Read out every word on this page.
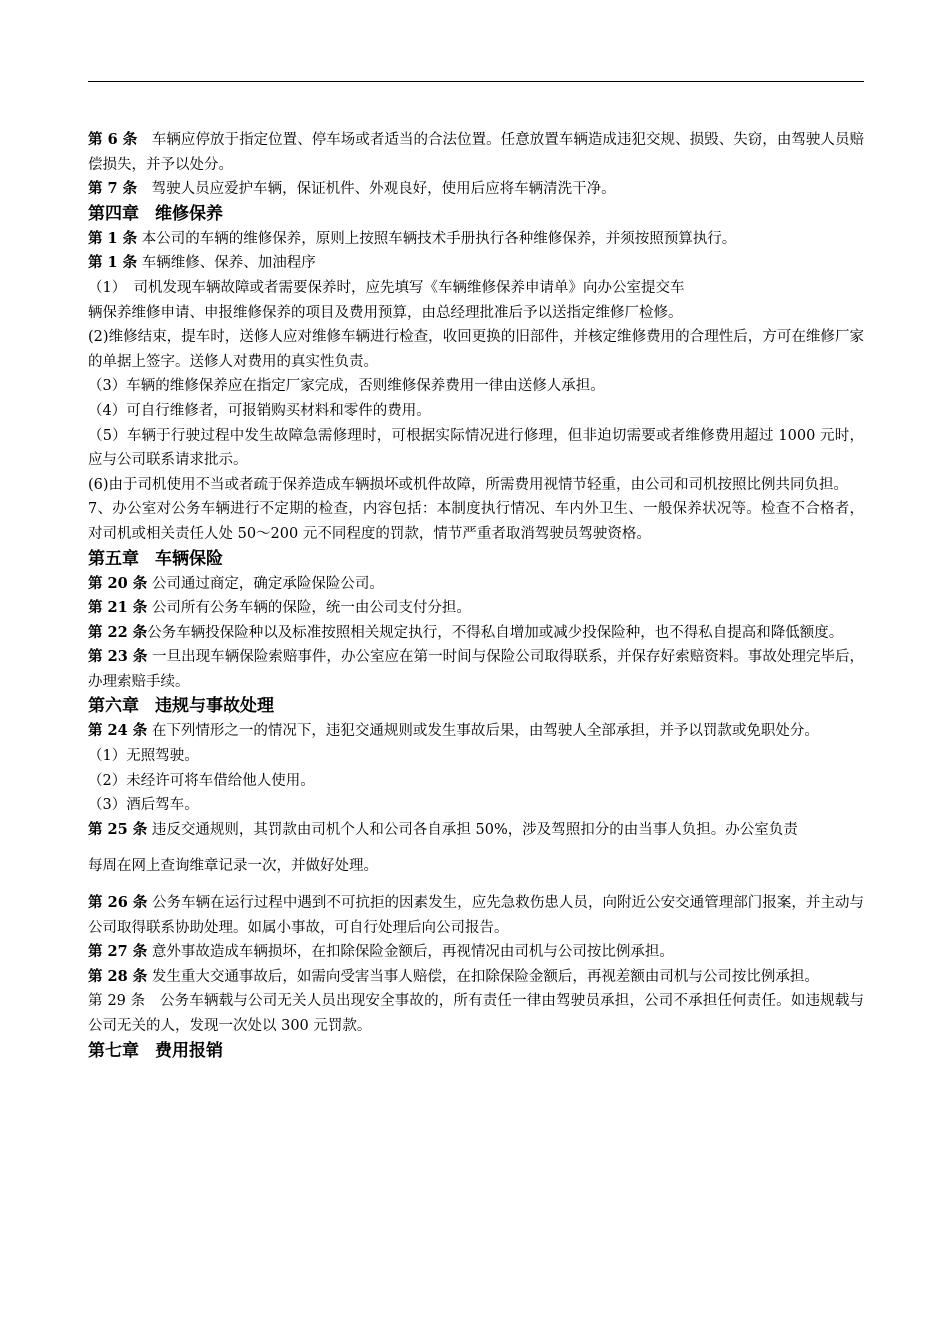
第 6 条　车辆应停放于指定位置、停车场或者适当的合法位置。任意放置车辆造成违犯交规、损毁、失窃，由驾驶人员赔偿损失，并予以处分。

第 7 条　驾驶人员应爱护车辆，保证机件、外观良好，使用后应将车辆清洗干净。

第四章 维修保养

第 1 条 本公司的车辆的维修保养，原则上按照车辆技术手册执行各种维修保养，并须按照预算执行。

第 1 条 车辆维修、保养、加油程序

（1）　司机发现车辆故障或者需要保养时，应先填写《车辆维修保养申请单》向办公室提交车

辆保养维修申请、申报维修保养的项目及费用预算，由总经理批准后予以送指定维修厂检修。

(2)维修结束，提车时，送修人应对维修车辆进行检查，收回更换的旧部件，并核定维修费用的合理性后，方可在维修厂家的单据上签字。送修人对费用的真实性负责。

（3）车辆的维修保养应在指定厂家完成，否则维修保养费用一律由送修人承担。

（4）可自行维修者，可报销购买材料和零件的费用。

（5）车辆于行驶过程中发生故障急需修理时，可根据实际情况进行修理，但非迫切需要或者维修费用超过 1000 元时，应与公司联系请求批示。

(6)由于司机使用不当或者疏于保养造成车辆损坏或机件故障，所需费用视情节轻重，由公司和司机按照比例共同负担。

7、办公室对公务车辆进行不定期的检查，内容包括：本制度执行情况、车内外卫生、一般保养状况等。检查不合格者，对司机或相关责任人处 50～200 元不同程度的罚款，情节严重者取消驾驶员驾驶资格。

第五章 车辆保险

第 20 条 公司通过商定，确定承险保险公司。

第 21 条 公司所有公务车辆的保险，统一由公司支付分担。

第 22 条公务车辆投保险种以及标准按照相关规定执行，不得私自增加或减少投保险种，也不得私自提高和降低额度。

第 23 条 一旦出现车辆保险索赔事件，办公室应在第一时间与保险公司取得联系，并保存好索赔资料。事故处理完毕后，办理索赔手续。

第六章 违规与事故处理

第 24 条 在下列情形之一的情况下，违犯交通规则或发生事故后果，由驾驶人全部承担，并予以罚款或免职处分。

（1）无照驾驶。

（2）未经许可将车借给他人使用。

（3）酒后驾车。

第 25 条 违反交通规则，其罚款由司机个人和公司各自承担 50%，涉及驾照扣分的由当事人负担。办公室负责

每周在网上查询维章记录一次，并做好处理。

第 26 条 公务车辆在运行过程中遇到不可抗拒的因素发生，应先急救伤患人员，向附近公安交通管理部门报案，并主动与公司取得联系协助处理。如属小事故，可自行处理后向公司报告。

第 27 条 意外事故造成车辆损坏，在扣除保险金额后，再视情况由司机与公司按比例承担。

第 28 条 发生重大交通事故后，如需向受害当事人赔偿，在扣除保险金额后，再视差额由司机与公司按比例承担。

第 29 条　公务车辆载与公司无关人员出现安全事故的，所有责任一律由驾驶员承担，公司不承担任何责任。如违规载与公司无关的人，发现一次处以 300 元罚款。

第七章 费用报销
